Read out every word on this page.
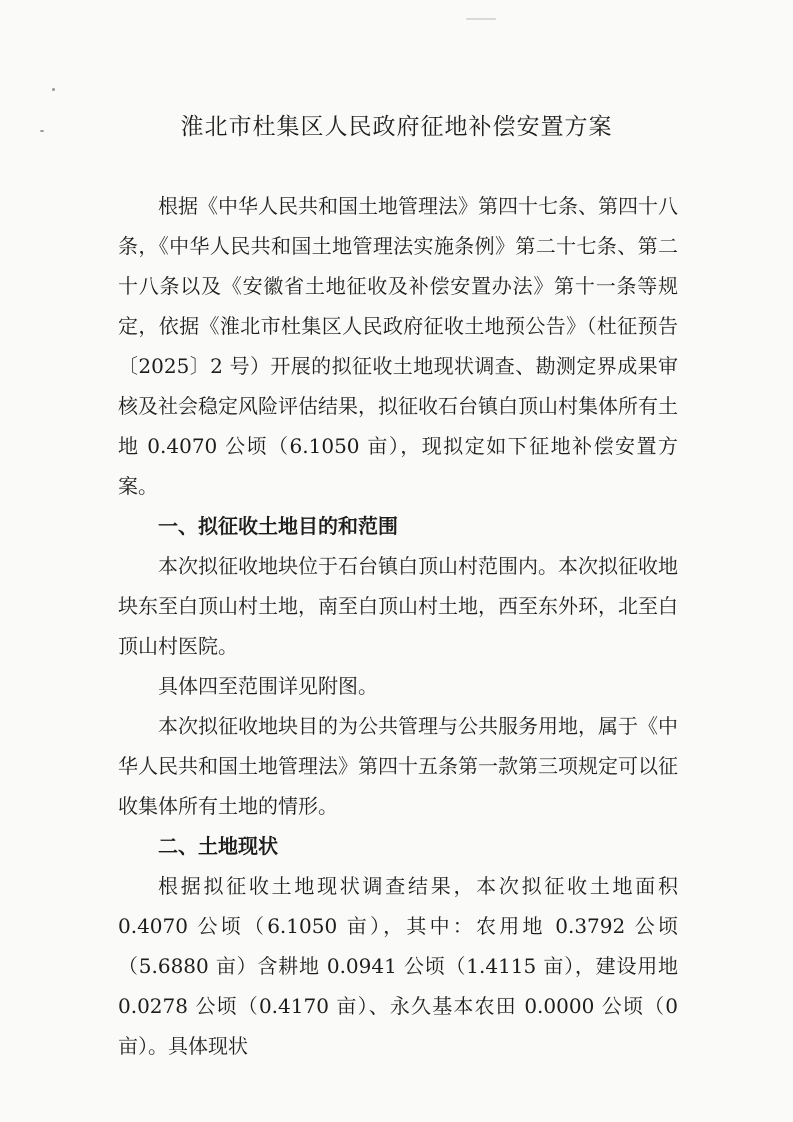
淮北市杜集区人民政府征地补偿安置方案

根据《中华人民共和国土地管理法》第四十七条、第四十八条，《中华人民共和国土地管理法实施条例》第二十七条、第二十八条以及《安徽省土地征收及补偿安置办法》第十一条等规定，依据《淮北市杜集区人民政府征收土地预公告》（杜征预告〔2025〕2 号）开展的拟征收土地现状调查、勘测定界成果审核及社会稳定风险评估结果，拟征收石台镇白顶山村集体所有土地 0.4070 公顷（6.1050 亩），现拟定如下征地补偿安置方案。

一、拟征收土地目的和范围

本次拟征收地块位于石台镇白顶山村范围内。本次拟征收地块东至白顶山村土地，南至白顶山村土地，西至东外环，北至白顶山村医院。

具体四至范围详见附图。

本次拟征收地块目的为公共管理与公共服务用地，属于《中华人民共和国土地管理法》第四十五条第一款第三项规定可以征收集体所有土地的情形。

二、土地现状

根据拟征收土地现状调查结果，本次拟征收土地面积 0.4070 公顷（6.1050 亩），其中：农用地 0.3792 公顷（5.6880 亩）含耕地 0.0941 公顷（1.4115 亩），建设用地 0.0278 公顷（0.4170 亩）、永久基本农田 0.0000 公顷（0 亩）。具体现状
